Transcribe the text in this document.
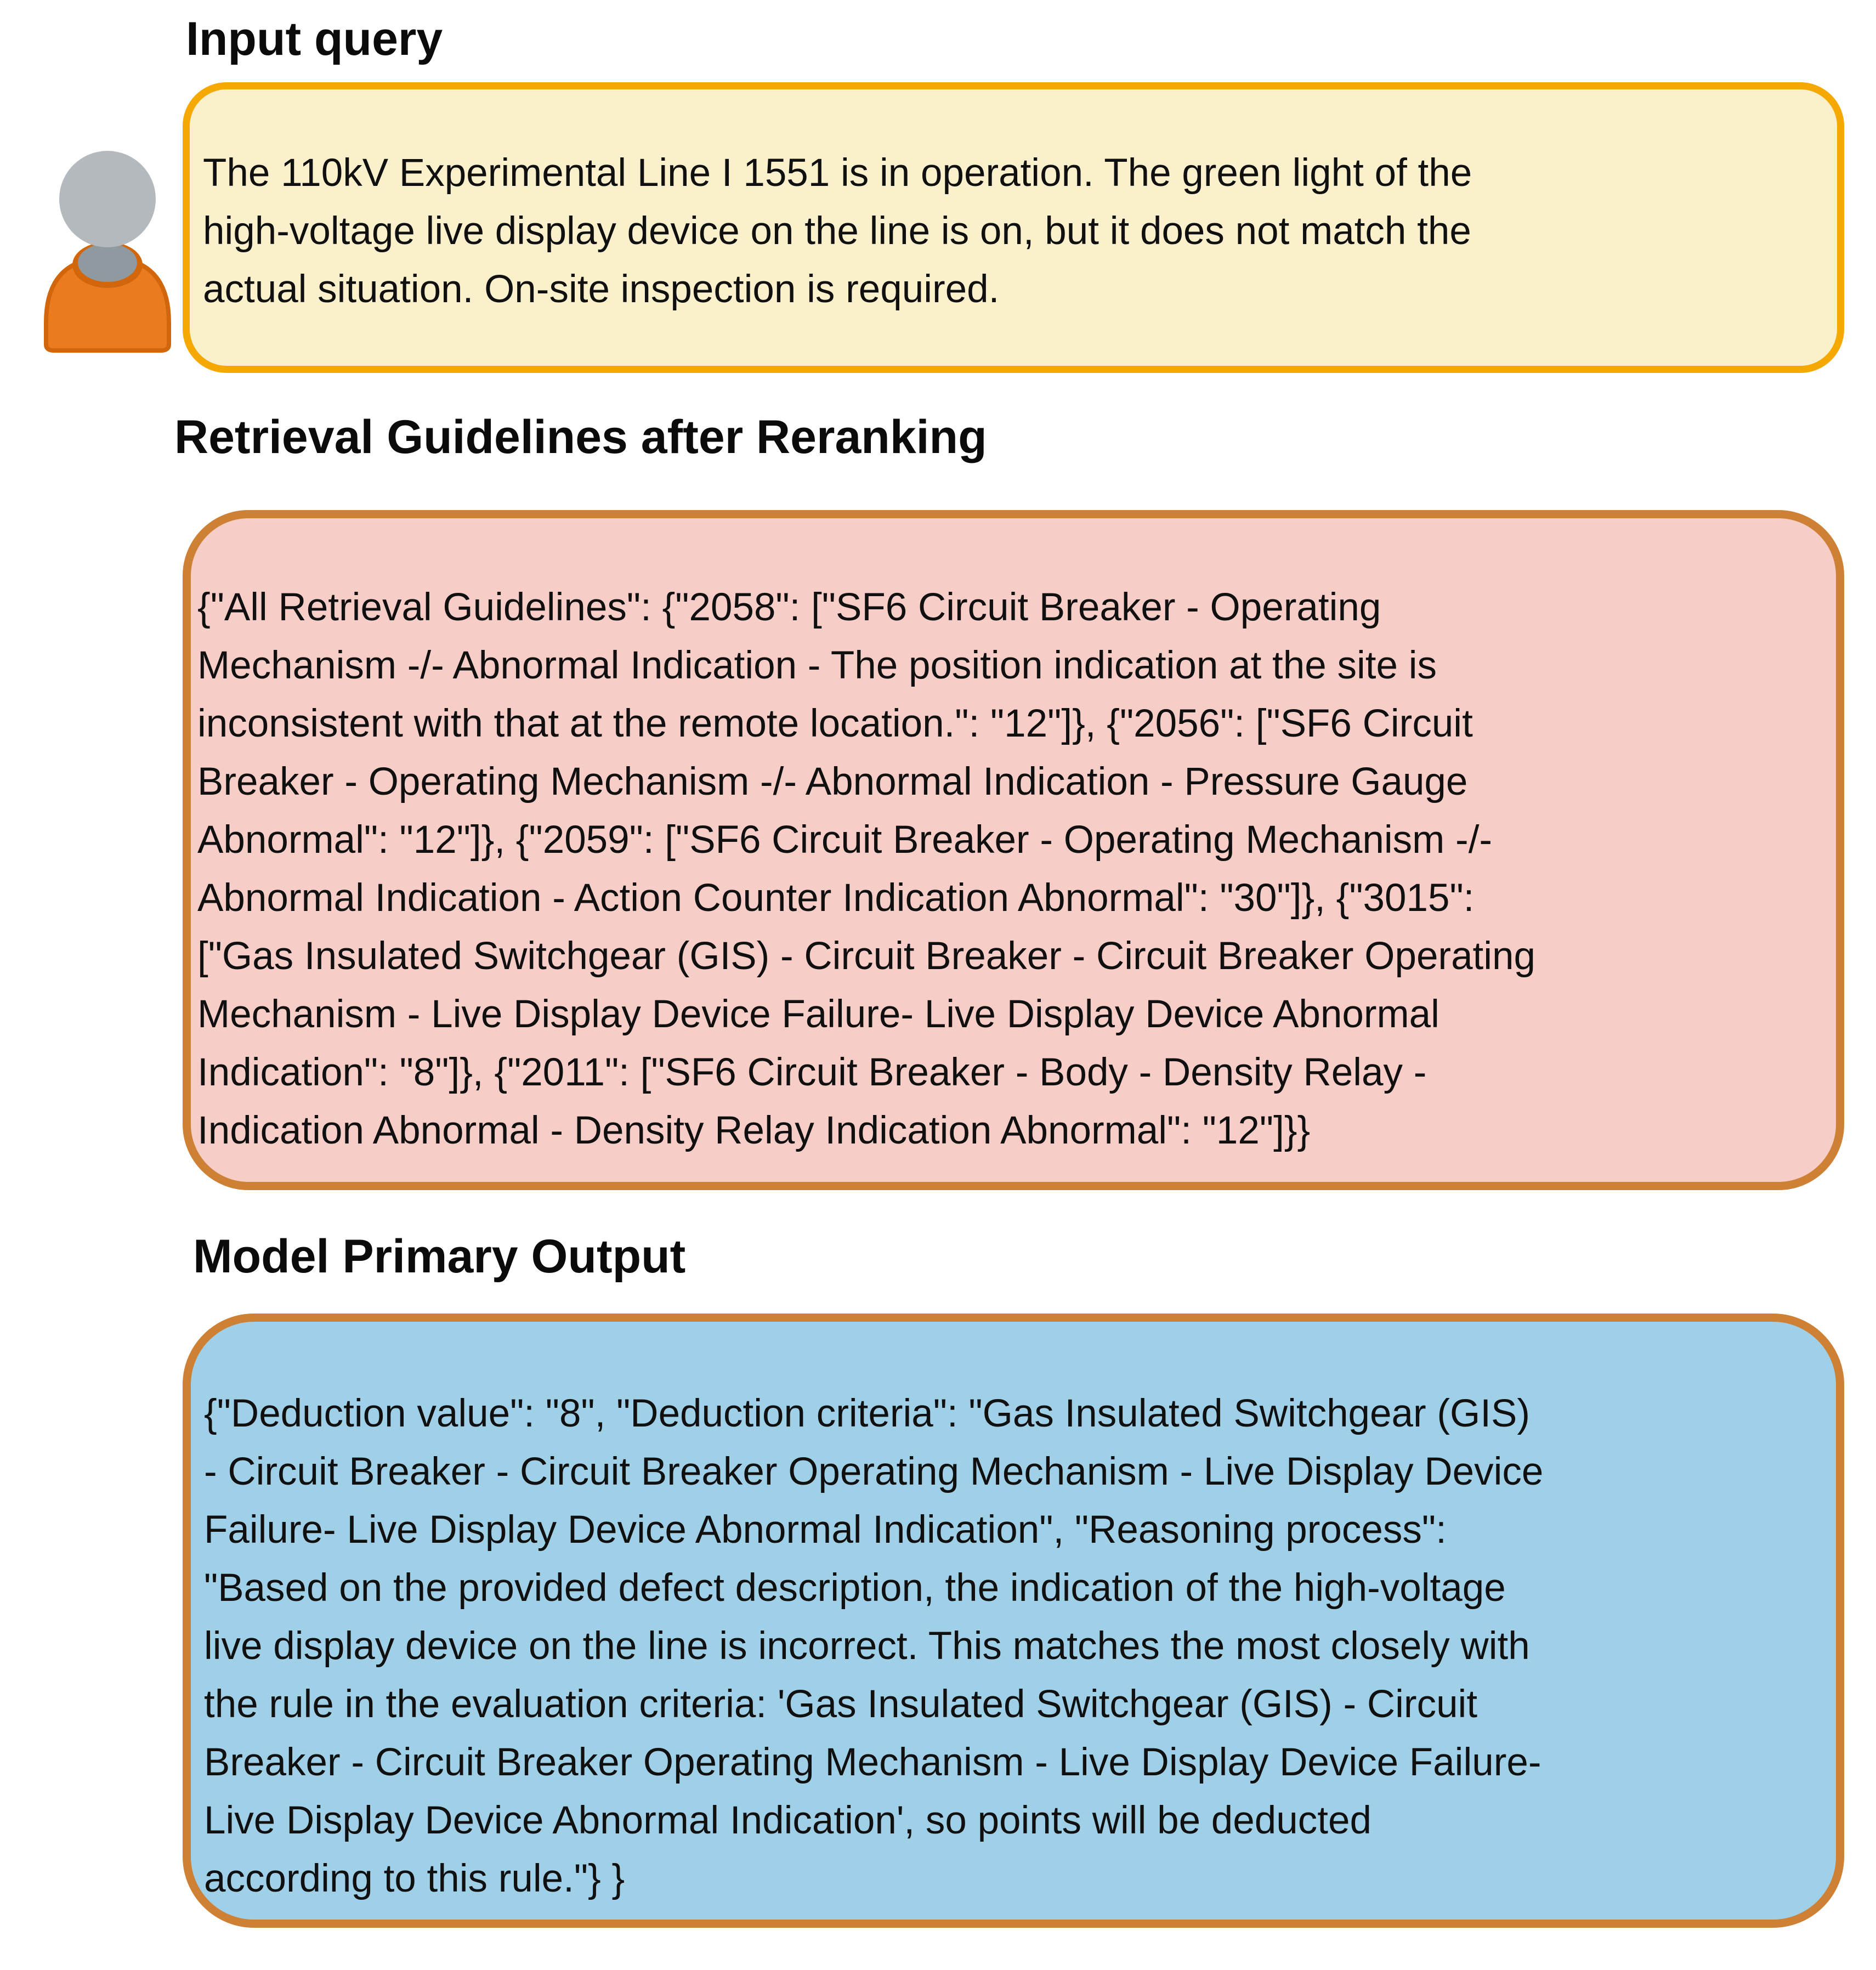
Input query
The 110kV Experimental Line I 1551 is in operation. The green light of the
high-voltage live display device on the line is on, but it does not match the
actual situation. On-site inspection is required.
Retrieval Guidelines after Reranking
{"All Retrieval Guidelines": {"2058": ["SF6 Circuit Breaker - Operating
Mechanism -/- Abnormal Indication - The position indication at the site is
inconsistent with that at the remote location.": "12"]}, {"2056": ["SF6 Circuit
Breaker - Operating Mechanism -/- Abnormal Indication - Pressure Gauge
Abnormal": "12"]}, {"2059": ["SF6 Circuit Breaker - Operating Mechanism -/-
Abnormal Indication - Action Counter Indication Abnormal": "30"]}, {"3015":
["Gas Insulated Switchgear (GIS) - Circuit Breaker - Circuit Breaker Operating
Mechanism - Live Display Device Failure- Live Display Device Abnormal
Indication": "8"]}, {"2011": ["SF6 Circuit Breaker - Body - Density Relay -
Indication Abnormal - Density Relay Indication Abnormal": "12"]}}
Model Primary Output
{"Deduction value": "8", "Deduction criteria": "Gas Insulated Switchgear (GIS)
- Circuit Breaker - Circuit Breaker Operating Mechanism - Live Display Device
Failure- Live Display Device Abnormal Indication", "Reasoning process":
"Based on the provided defect description, the indication of the high-voltage
live display device on the line is incorrect. This matches the most closely with
the rule in the evaluation criteria: 'Gas Insulated Switchgear (GIS) - Circuit
Breaker - Circuit Breaker Operating Mechanism - Live Display Device Failure-
Live Display Device Abnormal Indication', so points will be deducted
according to this rule."} }
